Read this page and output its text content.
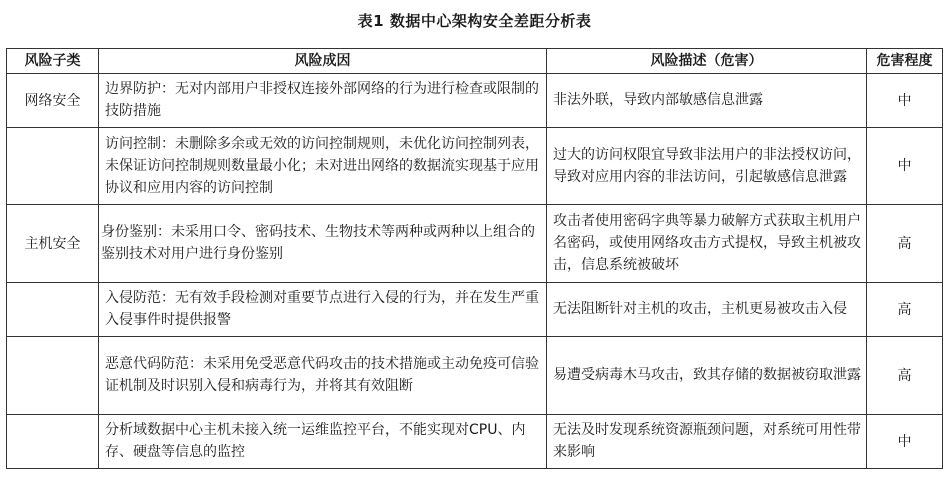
表1 数据中心架构安全差距分析表
风险子类	风险成因	风险描述（危害）	危害程度
网络安全	边界防护：无对内部用户非授权连接外部网络的行为进行检查或限制的技防措施	非法外联，导致内部敏感信息泄露	中
	访问控制：未删除多余或无效的访问控制规则，未优化访问控制列表，未保证访问控制规则数量最小化；未对进出网络的数据流实现基于应用协议和应用内容的访问控制	过大的访问权限宜导致非法用户的非法授权访问，导致对应用内容的非法访问，引起敏感信息泄露	中
主机安全	身份鉴别：未采用口令、密码技术、生物技术等两种或两种以上组合的鉴别技术对用户进行身份鉴别	攻击者使用密码字典等暴力破解方式获取主机用户名密码，或使用网络攻击方式提权，导致主机被攻击，信息系统被破坏	高
	入侵防范：无有效手段检测对重要节点进行入侵的行为，并在发生严重入侵事件时提供报警	无法阻断针对主机的攻击，主机更易被攻击入侵	高
	恶意代码防范：未采用免受恶意代码攻击的技术措施或主动免疫可信验证机制及时识别入侵和病毒行为，并将其有效阻断	易遭受病毒木马攻击，致其存储的数据被窃取泄露	高
	分析域数据中心主机未接入统一运维监控平台，不能实现对CPU、内存、硬盘等信息的监控	无法及时发现系统资源瓶颈问题，对系统可用性带来影响	中
